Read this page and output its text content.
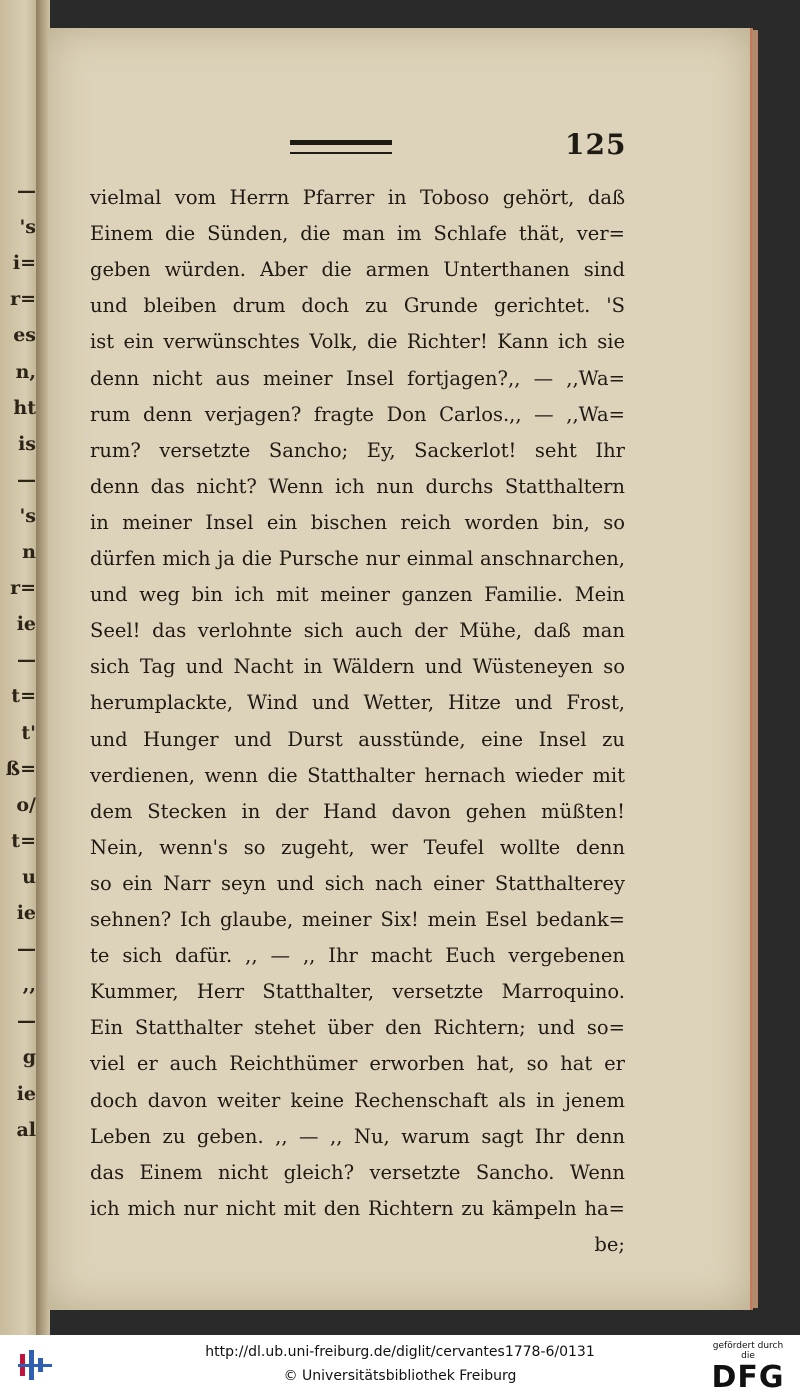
—
's
i=
r=
es
n,
ht
is
—
's
n
r=
ie
—
t=
t'
ß=
o/
t=
u
ie
—
,,
—
g
ie
al
125
vielmal vom Herrn Pfarrer in Toboso gehört, daß
Einem die Sünden, die man im Schlafe thät, ver=
geben würden. Aber die armen Unterthanen sind
und bleiben drum doch zu Grunde gerichtet. 'S
ist ein verwünschtes Volk, die Richter! Kann ich sie
denn nicht aus meiner Insel fortjagen?,, — ,,Wa=
rum denn verjagen? fragte Don Carlos.,, — ,,Wa=
rum? versetzte Sancho; Ey, Sackerlot! seht Ihr
denn das nicht? Wenn ich nun durchs Statthaltern
in meiner Insel ein bischen reich worden bin, so
dürfen mich ja die Pursche nur einmal anschnarchen,
und weg bin ich mit meiner ganzen Familie. Mein
Seel! das verlohnte sich auch der Mühe, daß man
sich Tag und Nacht in Wäldern und Wüsteneyen so
herumplackte, Wind und Wetter, Hitze und Frost,
und Hunger und Durst ausstünde, eine Insel zu
verdienen, wenn die Statthalter hernach wieder mit
dem Stecken in der Hand davon gehen müßten!
Nein, wenn's so zugeht, wer Teufel wollte denn
so ein Narr seyn und sich nach einer Statthalterey
sehnen? Ich glaube, meiner Six! mein Esel bedank=
te sich dafür. ,, — ,, Ihr macht Euch vergebenen
Kummer, Herr Statthalter, versetzte Marroquino.
Ein Statthalter stehet über den Richtern; und so=
viel er auch Reichthümer erworben hat, so hat er
doch davon weiter keine Rechenschaft als in jenem
Leben zu geben. ,, — ,, Nu, warum sagt Ihr denn
das Einem nicht gleich? versetzte Sancho. Wenn
ich mich nur nicht mit den Richtern zu kämpeln ha=
be;
http://dl.ub.uni-freiburg.de/diglit/cervantes1778-6/0131
© Universitätsbibliothek Freiburg
gefördert durch die
DFG
